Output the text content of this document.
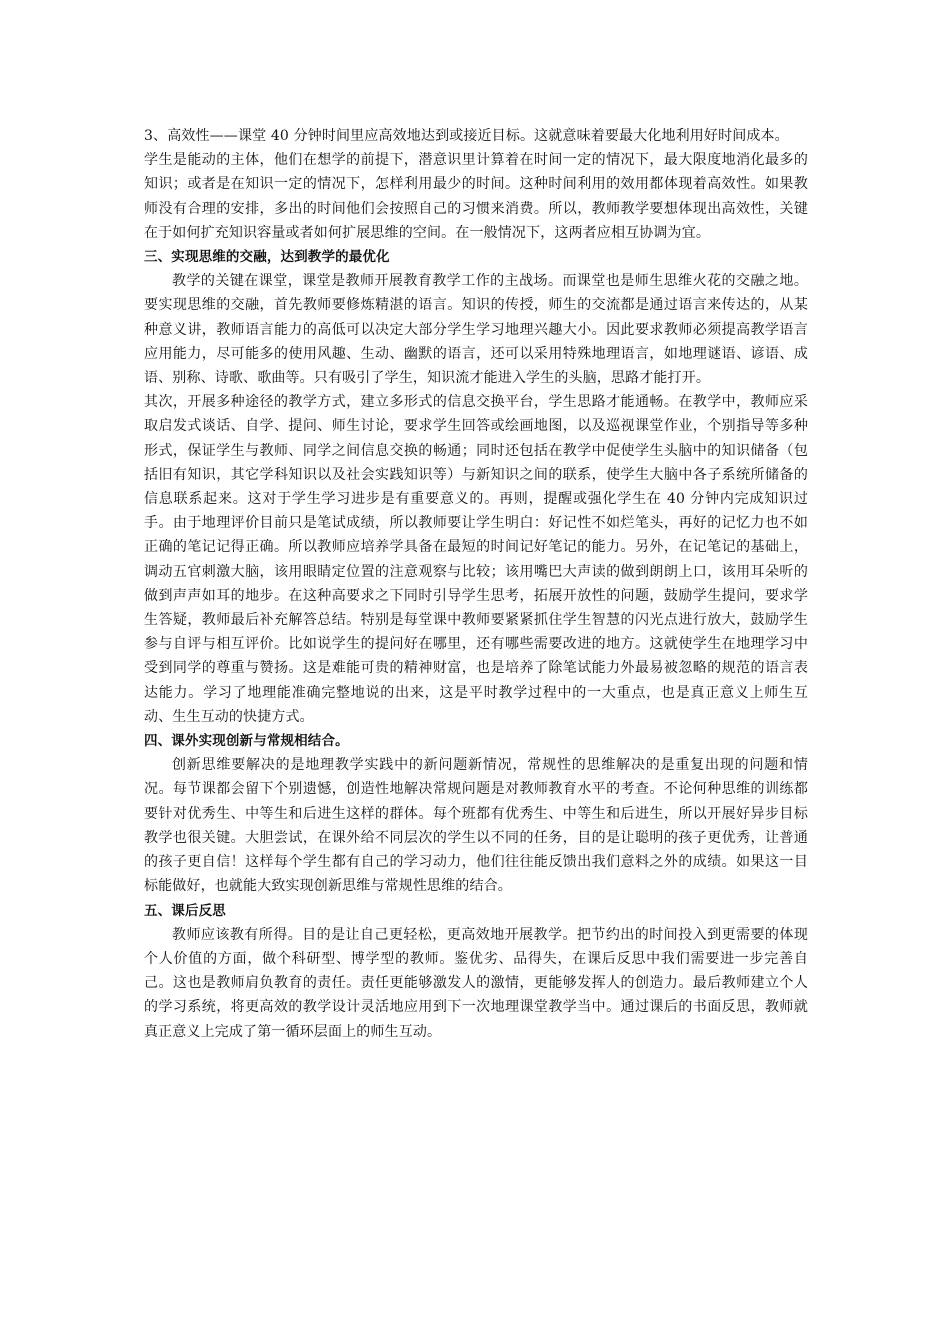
3、高效性——课堂 40 分钟时间里应高效地达到或接近目标。这就意味着要最大化地利用好时间成本。

学生是能动的主体，他们在想学的前提下，潜意识里计算着在时间一定的情况下，最大限度地消化最多的知识；或者是在知识一定的情况下，怎样利用最少的时间。这种时间利用的效用都体现着高效性。如果教师没有合理的安排，多出的时间他们会按照自己的习惯来消费。所以，教师教学要想体现出高效性，关键在于如何扩充知识容量或者如何扩展思维的空间。在一般情况下，这两者应相互协调为宜。

三、实现思维的交融，达到教学的最优化

教学的关键在课堂，课堂是教师开展教育教学工作的主战场。而课堂也是师生思维火花的交融之地。要实现思维的交融，首先教师要修炼精湛的语言。知识的传授，师生的交流都是通过语言来传达的，从某种意义讲，教师语言能力的高低可以决定大部分学生学习地理兴趣大小。因此要求教师必须提高教学语言应用能力，尽可能多的使用风趣、生动、幽默的语言，还可以采用特殊地理语言，如地理谜语、谚语、成语、别称、诗歌、歌曲等。只有吸引了学生，知识流才能进入学生的头脑，思路才能打开。

其次，开展多种途径的教学方式，建立多形式的信息交换平台，学生思路才能通畅。在教学中，教师应采取启发式谈话、自学、提问、师生讨论，要求学生回答或绘画地图，以及巡视课堂作业，个别指导等多种形式，保证学生与教师、同学之间信息交换的畅通；同时还包括在教学中促使学生头脑中的知识储备（包括旧有知识，其它学科知识以及社会实践知识等）与新知识之间的联系，使学生大脑中各子系统所储备的信息联系起来。这对于学生学习进步是有重要意义的。再则，提醒或强化学生在 40 分钟内完成知识过手。由于地理评价目前只是笔试成绩，所以教师要让学生明白：好记性不如烂笔头，再好的记忆力也不如正确的笔记记得正确。所以教师应培养学具备在最短的时间记好笔记的能力。另外，在记笔记的基础上，调动五官刺激大脑，该用眼睛定位置的注意观察与比较；该用嘴巴大声读的做到朗朗上口，该用耳朵听的做到声声如耳的地步。在这种高要求之下同时引导学生思考，拓展开放性的问题，鼓励学生提问，要求学生答疑，教师最后补充解答总结。特别是每堂课中教师要紧紧抓住学生智慧的闪光点进行放大，鼓励学生参与自评与相互评价。比如说学生的提问好在哪里，还有哪些需要改进的地方。这就使学生在地理学习中受到同学的尊重与赞扬。这是难能可贵的精神财富，也是培养了除笔试能力外最易被忽略的规范的语言表达能力。学习了地理能准确完整地说的出来，这是平时教学过程中的一大重点，也是真正意义上师生互动、生生互动的快捷方式。

四、课外实现创新与常规相结合。

创新思维要解决的是地理教学实践中的新问题新情况，常规性的思维解决的是重复出现的问题和情况。每节课都会留下个别遗憾，创造性地解决常规问题是对教师教育水平的考查。不论何种思维的训练都要针对优秀生、中等生和后进生这样的群体。每个班都有优秀生、中等生和后进生，所以开展好异步目标教学也很关键。大胆尝试，在课外给不同层次的学生以不同的任务，目的是让聪明的孩子更优秀，让普通的孩子更自信！这样每个学生都有自己的学习动力，他们往往能反馈出我们意料之外的成绩。如果这一目标能做好，也就能大致实现创新思维与常规性思维的结合。

五、课后反思

教师应该教有所得。目的是让自己更轻松，更高效地开展教学。把节约出的时间投入到更需要的体现个人价值的方面，做个科研型、博学型的教师。鉴优劣、品得失，在课后反思中我们需要进一步完善自己。这也是教师肩负教育的责任。责任更能够激发人的激情，更能够发挥人的创造力。最后教师建立个人的学习系统，将更高效的教学设计灵活地应用到下一次地理课堂教学当中。通过课后的书面反思，教师就真正意义上完成了第一循环层面上的师生互动。
